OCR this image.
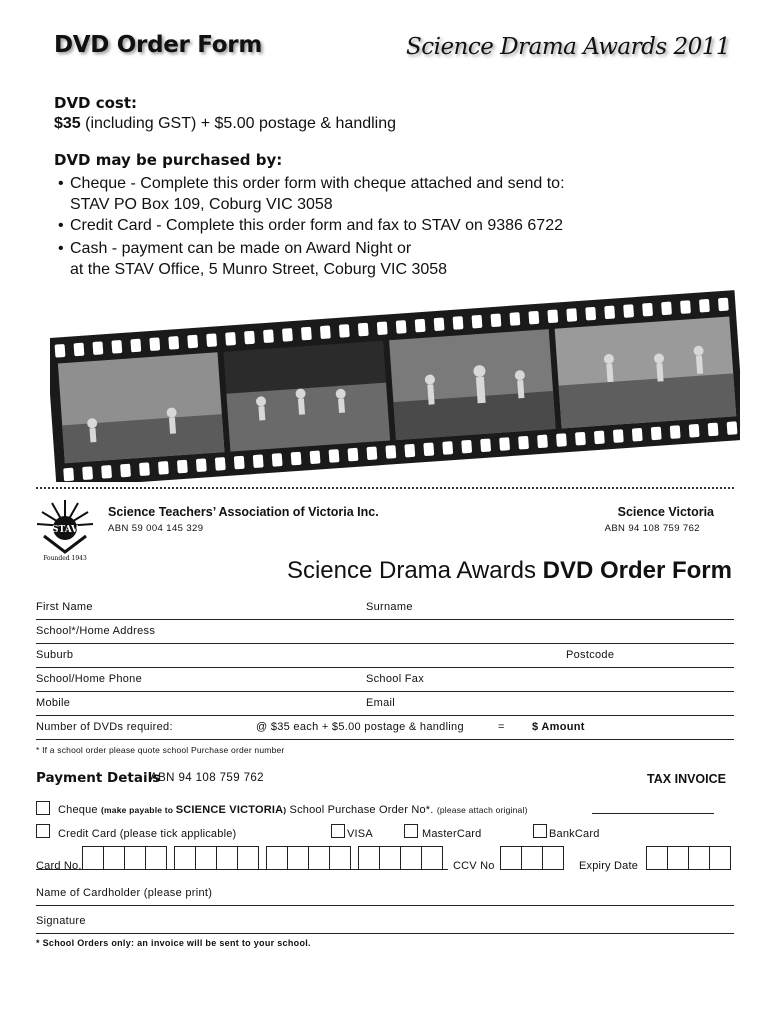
DVD Order Form	Science Drama Awards 2011
DVD cost:
$35 (including GST) + $5.00 postage & handling
DVD may be purchased by:
• Cheque - Complete this order form with cheque attached and send to:
STAV PO Box 109, Coburg VIC 3058
• Credit Card - Complete this order form and fax to STAV on 9386 6722
• Cash - payment can be made on Award Night or
at the STAV Office, 5 Munro Street, Coburg VIC 3058
STAV
Founded 1943
Science Teachers’ Association of Victoria Inc.
ABN 59 004 145 329
Science Victoria
ABN 94 108 759 762
Science Drama Awards DVD Order Form
First Name	Surname
School*/Home Address
Suburb	Postcode
School/Home Phone	School Fax
Mobile	Email
Number of DVDs required:	@ $35 each + $5.00 postage & handling	= $ Amount
* If a school order please quote school Purchase order number
Payment Details
ABN 94 108 759 762	TAX INVOICE
Cheque (make payable to SCIENCE VICTORIA) School Purchase Order No*. (please attach original)
Credit Card (please tick applicable)	VISA	MasterCard	BankCard
Card No.	CCV No	Expiry Date
Name of Cardholder (please print)
Signature
* School Orders only: an invoice will be sent to your school.
